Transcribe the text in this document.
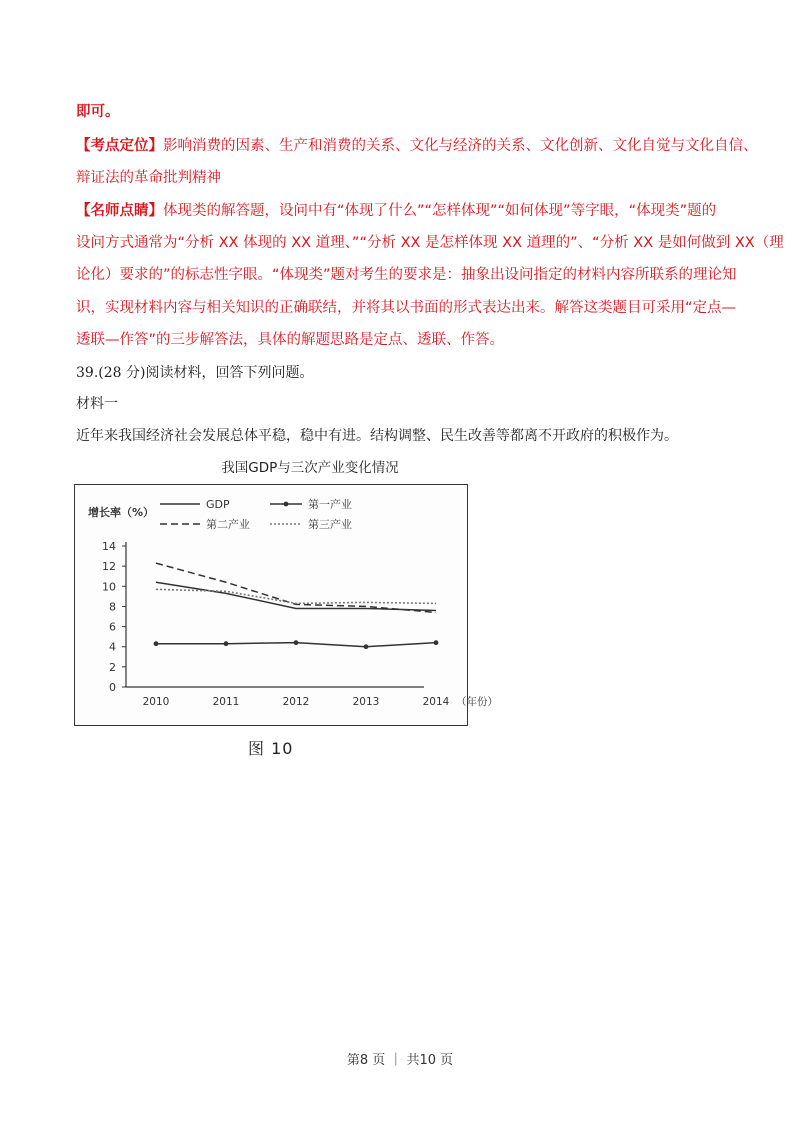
即可。
【考点定位】影响消费的因素、生产和消费的关系、文化与经济的关系、文化创新、文化自觉与文化自信、
辩证法的革命批判精神
【名师点睛】体现类的解答题，设问中有“体现了什么”“怎样体现”“如何体现”等字眼，“体现类”题的
设问方式通常为“分析 XX 体现的 XX 道理、”“分析 XX 是怎样体现 XX 道理的”、“分析 XX 是如何做到 XX（理
论化）要求的”的标志性字眼。“体现类”题对考生的要求是：抽象出设问指定的材料内容所联系的理论知
识，实现材料内容与相关知识的正确联结，并将其以书面的形式表达出来。解答这类题目可采用“定点—
透联—作答”的三步解答法，具体的解题思路是定点、透联、作答。
39.(28 分)阅读材料，回答下列问题。
材料一
近年来我国经济社会发展总体平稳，稳中有进。结构调整、民生改善等都离不开政府的积极作为。
我国GDP与三次产业变化情况
0
2
4
6
8
10
12
14
2010	2011	2012	2013	2014
增长率（%）
（年份）
GDP	第一产业
第二产业	第三产业
图 10
第8 页 ｜ 共10 页
